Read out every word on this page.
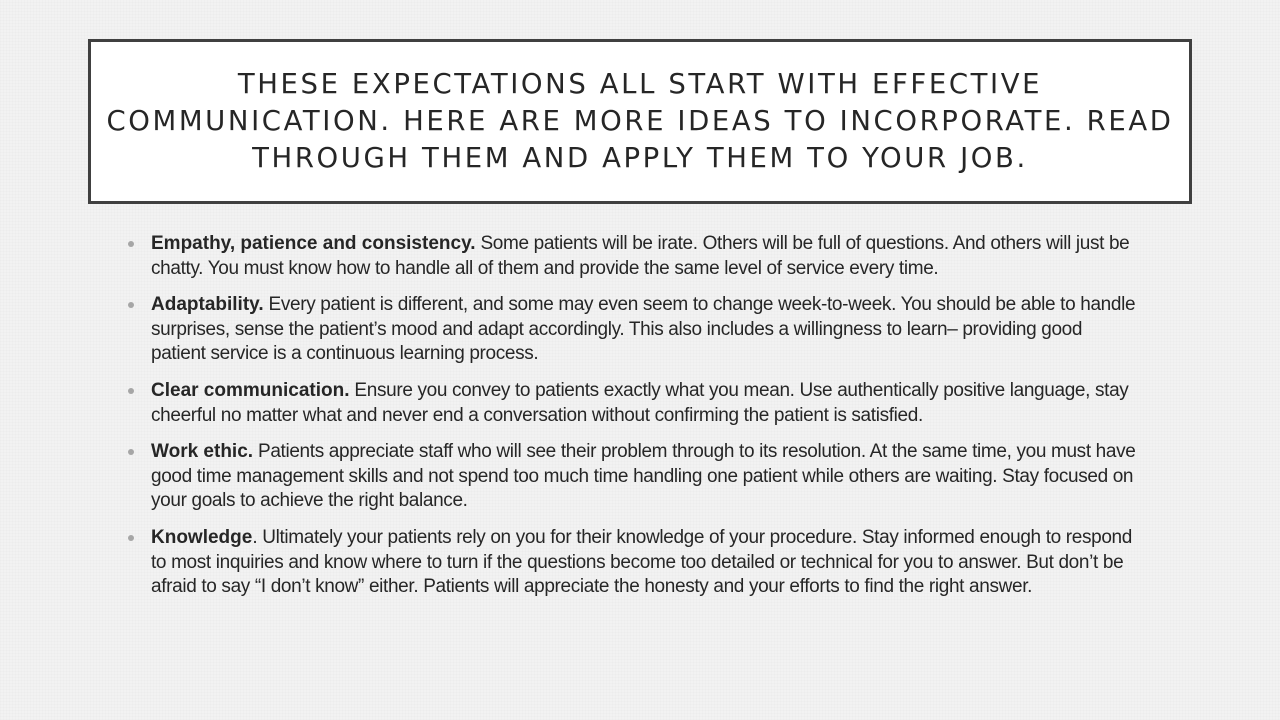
THESE EXPECTATIONS ALL START WITH EFFECTIVE COMMUNICATION. HERE ARE MORE IDEAS TO INCORPORATE. READ THROUGH THEM AND APPLY THEM TO YOUR JOB.
Empathy, patience and consistency. Some patients will be irate. Others will be full of questions. And others will just be chatty. You must know how to handle all of them and provide the same level of service every time.
Adaptability. Every patient is different, and some may even seem to change week-to-week. You should be able to handle surprises, sense the patient’s mood and adapt accordingly. This also includes a willingness to learn– providing good patient service is a continuous learning process.
Clear communication. Ensure you convey to patients exactly what you mean. Use authentically positive language, stay cheerful no matter what and never end a conversation without confirming the patient is satisfied.
Work ethic. Patients appreciate staff who will see their problem through to its resolution. At the same time, you must have good time management skills and not spend too much time handling one patient while others are waiting. Stay focused on your goals to achieve the right balance.
Knowledge. Ultimately your patients rely on you for their knowledge of your procedure. Stay informed enough to respond to most inquiries and know where to turn if the questions become too detailed or technical for you to answer. But don’t be afraid to say “I don’t know” either. Patients will appreciate the honesty and your efforts to find the right answer.
